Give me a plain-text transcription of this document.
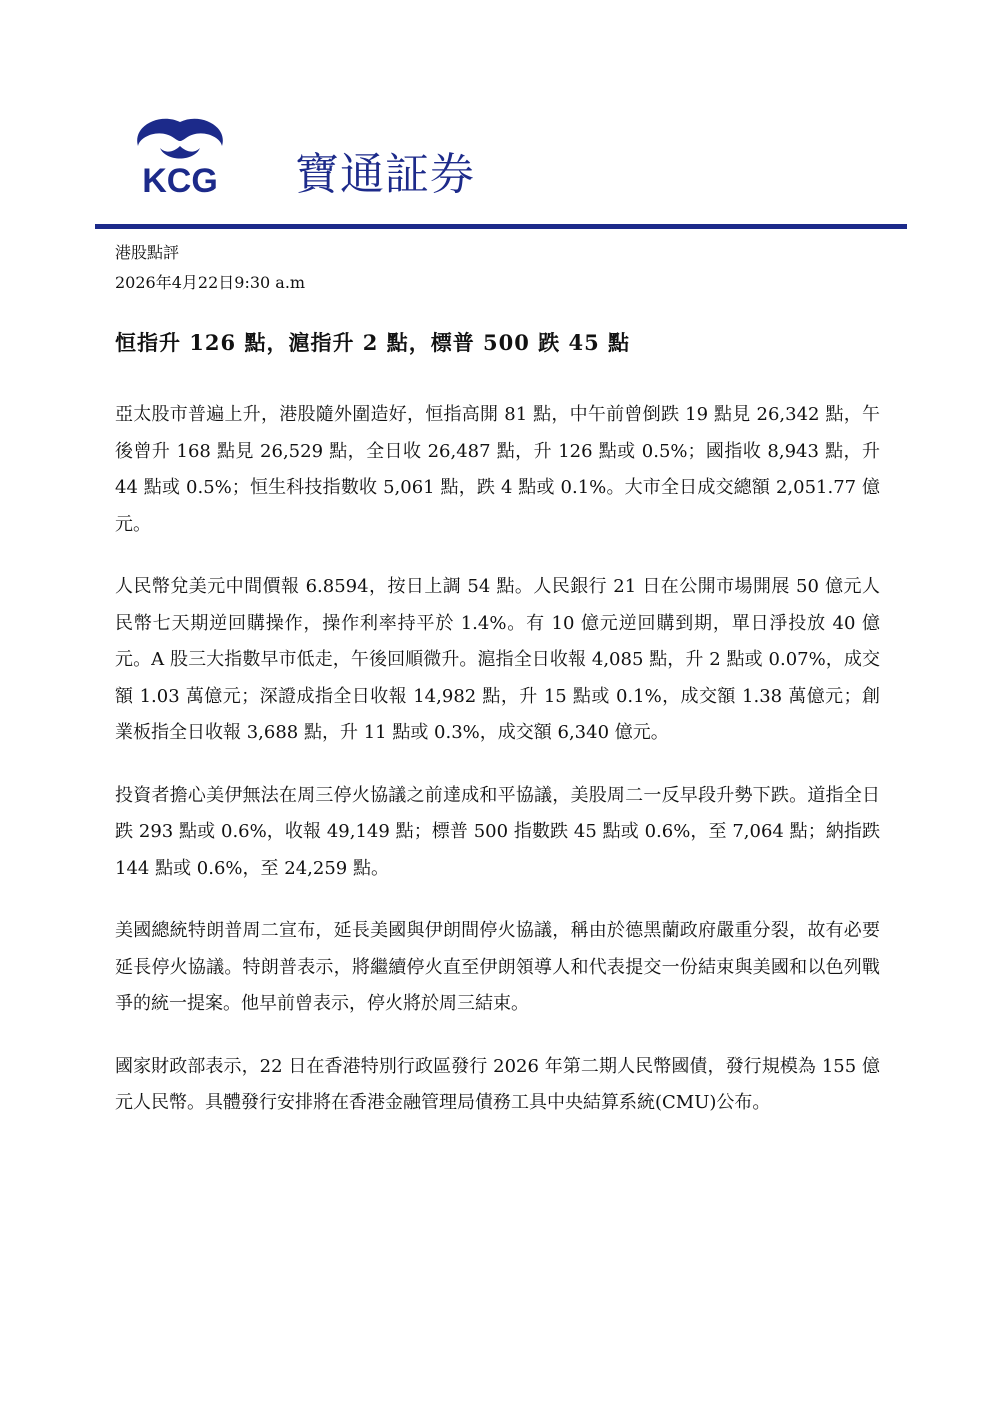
KCG 寶通証券
港股點評
2026年4月22日9:30 a.m
恒指升 126 點，滬指升 2 點，標普 500 跌 45 點

亞太股市普遍上升，港股隨外圍造好，恒指高開 81 點，中午前曾倒跌 19 點見 26,342 點，午後曾升 168 點見 26,529 點，全日收 26,487 點，升 126 點或 0.5%；國指收 8,943 點，升 44 點或 0.5%；恒生科技指數收 5,061 點，跌 4 點或 0.1%。大市全日成交總額 2,051.77 億元。

人民幣兌美元中間價報 6.8594，按日上調 54 點。人民銀行 21 日在公開市場開展 50 億元人民幣七天期逆回購操作，操作利率持平於 1.4%。有 10 億元逆回購到期，單日淨投放 40 億元。A 股三大指數早市低走，午後回順微升。滬指全日收報 4,085 點，升 2 點或 0.07%，成交額 1.03 萬億元；深證成指全日收報 14,982 點，升 15 點或 0.1%，成交額 1.38 萬億元；創業板指全日收報 3,688 點，升 11 點或 0.3%，成交額 6,340 億元。

投資者擔心美伊無法在周三停火協議之前達成和平協議，美股周二一反早段升勢下跌。道指全日跌 293 點或 0.6%，收報 49,149 點；標普 500 指數跌 45 點或 0.6%，至 7,064 點；納指跌 144 點或 0.6%，至 24,259 點。

美國總統特朗普周二宣布，延長美國與伊朗間停火協議，稱由於德黑蘭政府嚴重分裂，故有必要延長停火協議。特朗普表示，將繼續停火直至伊朗領導人和代表提交一份結束與美國和以色列戰爭的統一提案。他早前曾表示，停火將於周三結束。

國家財政部表示，22 日在香港特別行政區發行 2026 年第二期人民幣國債，發行規模為 155 億元人民幣。具體發行安排將在香港金融管理局債務工具中央結算系統(CMU)公布。
